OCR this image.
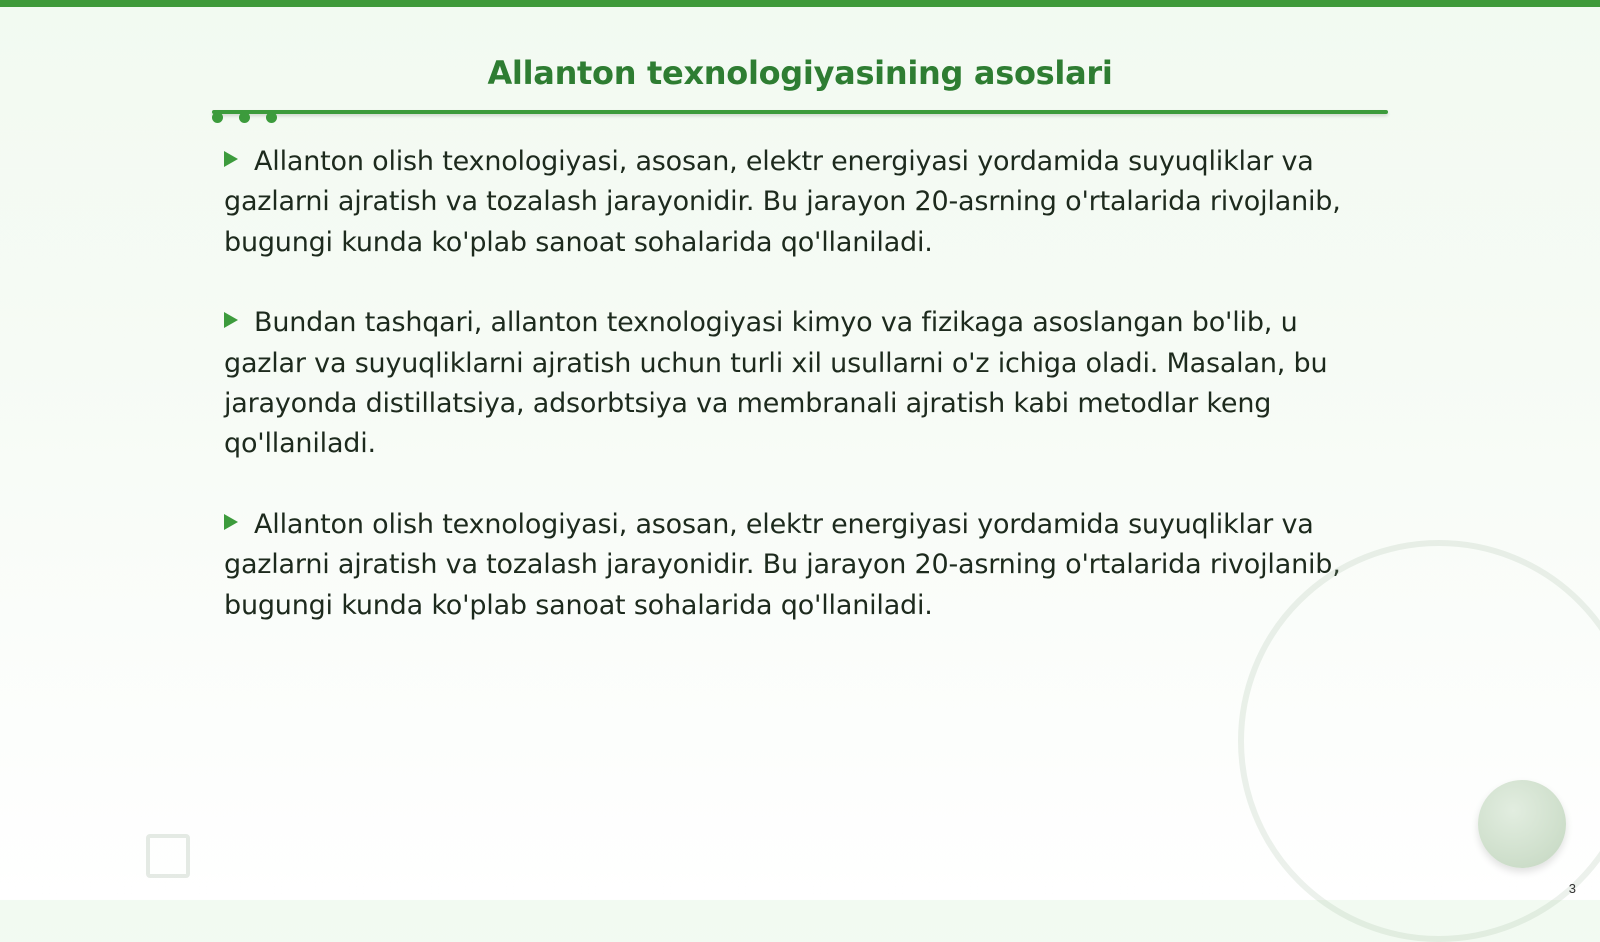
Allanton texnologiyasining asoslari
Allanton olish texnologiyasi, asosan, elektr energiyasi yordamida suyuqliklar va gazlarni ajratish va tozalash jarayonidir. Bu jarayon 20-asrning o'rtalarida rivojlanib, bugungi kunda ko'plab sanoat sohalarida qo'llaniladi.
Bundan tashqari, allanton texnologiyasi kimyo va fizikaga asoslangan bo'lib, u gazlar va suyuqliklarni ajratish uchun turli xil usullarni o'z ichiga oladi. Masalan, bu jarayonda distillatsiya, adsorbtsiya va membranali ajratish kabi metodlar keng qo'llaniladi.
Allanton olish texnologiyasi, asosan, elektr energiyasi yordamida suyuqliklar va gazlarni ajratish va tozalash jarayonidir. Bu jarayon 20-asrning o'rtalarida rivojlanib, bugungi kunda ko'plab sanoat sohalarida qo'llaniladi.
3
